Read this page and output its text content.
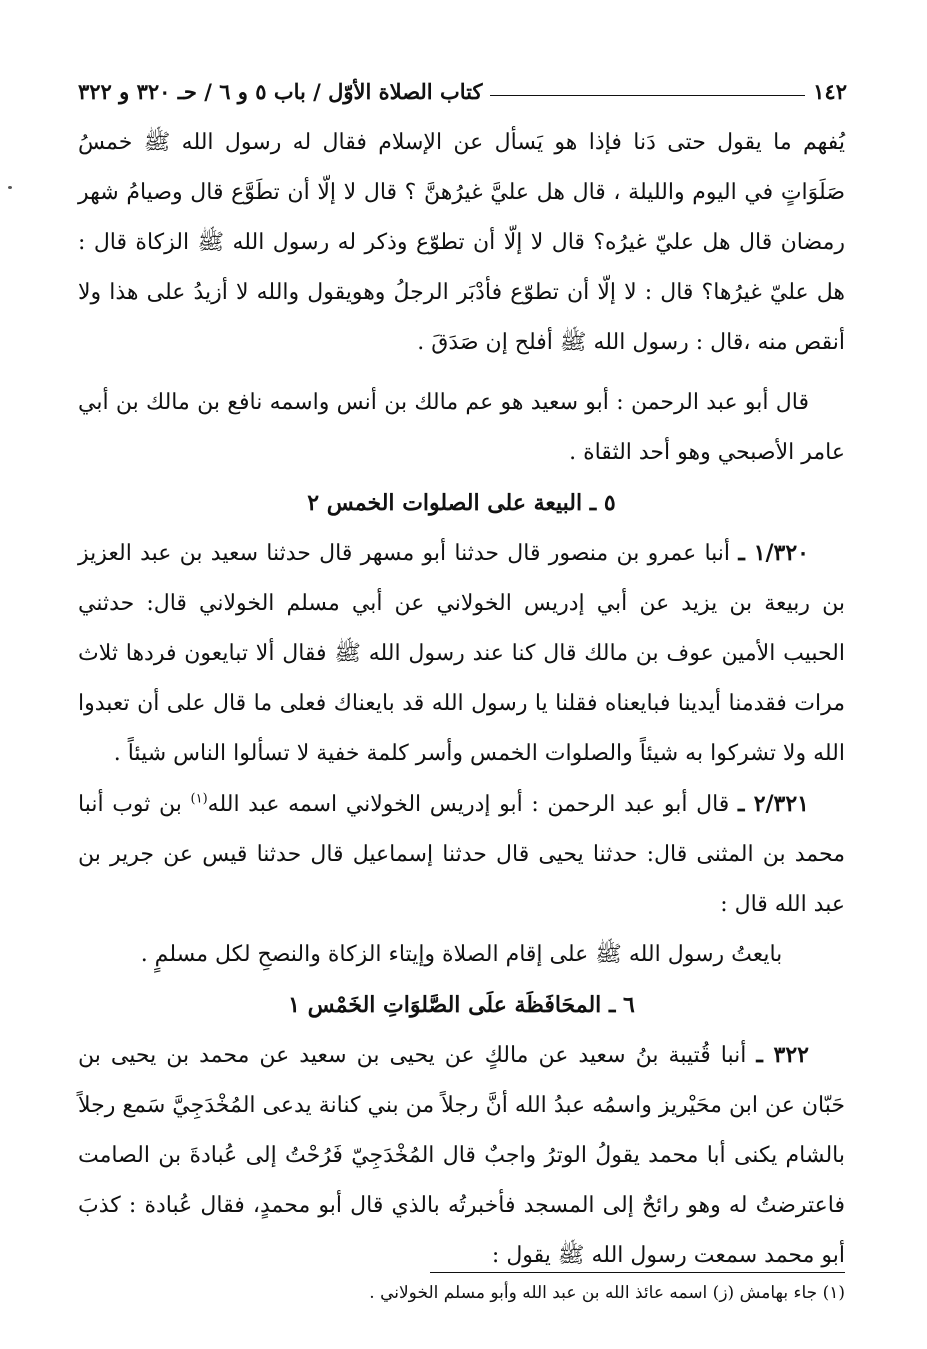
١٤٢
كتاب الصلاة الأوّل / باب ٥ و ٦ / حـ ٣٢٠ و ٣٢٢

يُفهم ما يقول حتى دَنا فإذا هو يَسأل عن الإسلام فقال له رسول الله ﷺ خمسُ صَلَوَاتٍ في اليوم والليلة ، قال هل عليَّ غيرُهنَّ ؟ قال لا إلّا أن تطَوَّع قال وصيامُ شهر رمضان قال هل عليّ غيرُه؟ قال لا إلّا أن تطوّع وذكر له رسول الله ﷺ الزكاة قال : هل عليّ غيرُها؟ قال : لا إلّا أن تطوّع فأدْبَر الرجلُ وهويقول والله لا أزيدُ على هذا ولا أنقص منه ،قال : رسول الله ﷺ أفلح إن صَدَقَ .

قال أبو عبد الرحمن : أبو سعيد هو عم مالك بن أنس واسمه نافع بن مالك بن أبي عامر الأصبحي وهو أحد الثقاة .

٥ ـ البيعة على الصلوات الخمس ٢

١/٣٢٠ ـ أنبا عمرو بن منصور قال حدثنا أبو مسهر قال حدثنا سعيد بن عبد العزيز بن ربيعة بن يزيد عن أبي إدريس الخولاني عن أبي مسلم الخولاني قال: حدثني الحبيب الأمين عوف بن مالك قال كنا عند رسول الله ﷺ فقال ألا تبايعون فردها ثلاث مرات فقدمنا أيدينا فبايعناه فقلنا يا رسول الله قد بايعناك فعلى ما قال على أن تعبدوا الله ولا تشركوا به شيئاً والصلوات الخمس وأسر كلمة خفية لا تسألوا الناس شيئاً .

٢/٣٢١ ـ قال أبو عبد الرحمن : أبو إدريس الخولاني اسمه عبد الله$^{(١)}$ بن ثوب أنبا محمد بن المثنى قال: حدثنا يحيى قال حدثنا إسماعيل قال حدثنا قيس عن جرير بن عبد الله قال :

بايعتُ رسول الله ﷺ على إقام الصلاة وإيتاء الزكاة والنصحِ لكل مسلمٍ .

٦ ـ المحَافَظَة علَى الصَّلوَاتِ الخَمْس ١

٣٢٢ ـ أنبا قُتيبة بنُ سعيد عن مالكٍ عن يحيى بن سعيد عن محمد بن يحيى بن حَبّان عن ابن محَيْريز واسمُه عبدُ الله أنَّ رجلاً من بني كنانة يدعى المُخْدَجِيَّ سَمع رجلاً بالشام يكنى أبا محمد يقولُ الوترُ واجبٌ قال المُخْدَجِيّ فَرُحْتُ إلى عُبادةَ بن الصامت فاعترضتُ له وهو رائحٌ إلى المسجد فأخبرتُه بالذي قال أبو محمدٍ، فقال عُبادة : كذبَ أبو محمد سمعت رسول الله ﷺ يقول :

(١) جاء بهامش (ز) اسمه عائذ الله بن عبد الله وأبو مسلم الخولاني .
